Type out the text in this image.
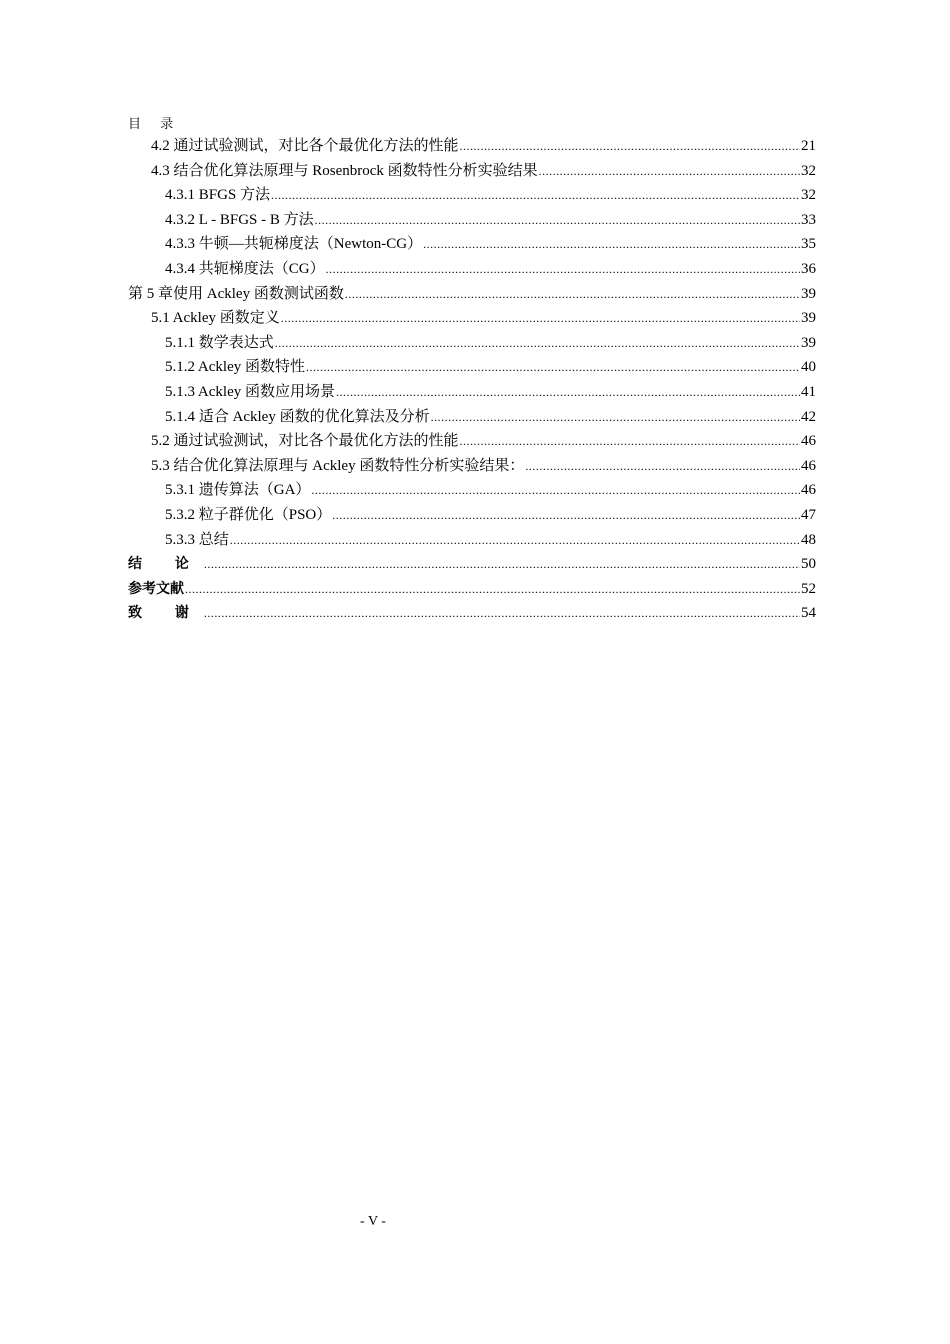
目 录
4.2 通过试验测试，对比各个最优化方法的性能 .....	21
4.3 结合优化算法原理与 Rosenbrock 函数特性分析实验结果 .....	32
4.3.1 BFGS 方法 .....	32
4.3.2 L - BFGS - B 方法 .....	33
4.3.3 牛顿—共轭梯度法（Newton-CG） .....	35
4.3.4 共轭梯度法（CG） .....	36
第 5 章使用 Ackley 函数测试函数 .....	39
5.1 Ackley 函数定义 .....	39
5.1.1 数学表达式 .....	39
5.1.2 Ackley 函数特性 .....	40
5.1.3 Ackley 函数应用场景 .....	41
5.1.4 适合 Ackley 函数的优化算法及分析 .....	42
5.2 通过试验测试，对比各个最优化方法的性能 .....	46
5.3 结合优化算法原理与 Ackley 函数特性分析实验结果： .....	46
5.3.1 遗传算法（GA） .....	46
5.3.2 粒子群优化（PSO） .....	47
5.3.3 总结 .....	48
结 论 .....	50
参考文献 .....	52
致 谢 .....	54
- V -
